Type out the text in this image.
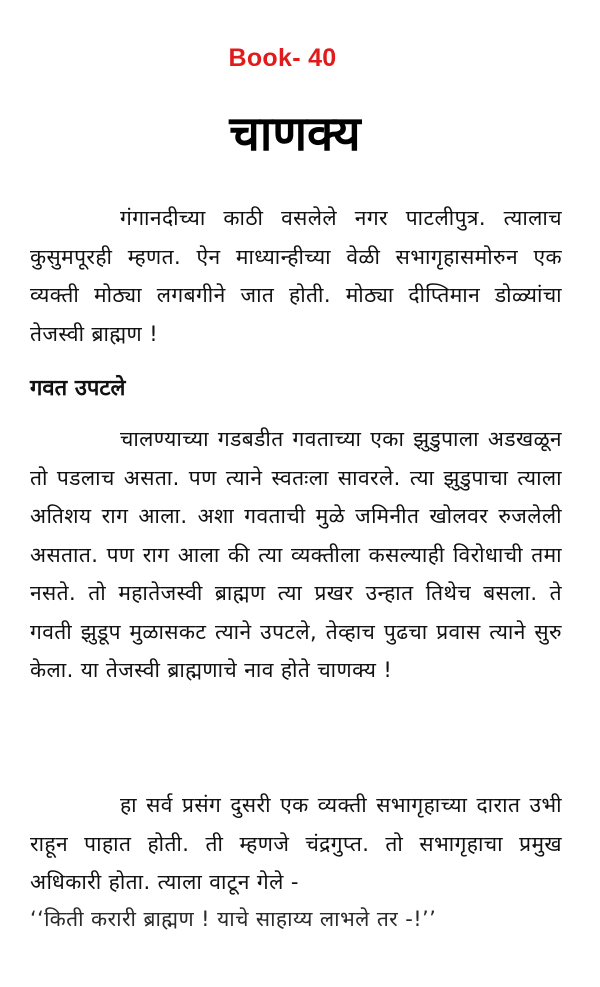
Book- 40
चाणक्य

गंगानदीच्या काठी वसलेले नगर पाटलीपुत्र. त्यालाच कुसुमपूरही म्हणत. ऐन माध्यान्हीच्या वेळी सभागृहासमोरुन एक व्यक्ती मोठ्या लगबगीने जात होती. मोठ्या दीप्तिमान डोळ्यांचा तेजस्वी ब्राह्मण !

गवत उपटले

चालण्याच्या गडबडीत गवताच्या एका झुडुपाला अडखळून तो पडलाच असता. पण त्याने स्वतःला सावरले. त्या झुडुपाचा त्याला अतिशय राग आला. अशा गवताची मुळे जमिनीत खोलवर रुजलेली असतात. पण राग आला की त्या व्यक्तीला कसल्याही विरोधाची तमा नसते. तो महातेजस्वी ब्राह्मण त्या प्रखर उन्हात तिथेच बसला. ते गवती झुडूप मुळासकट त्याने उपटले, तेव्हाच पुढचा प्रवास त्याने सुरु केला. या तेजस्वी ब्राह्मणाचे नाव होते चाणक्य !

हा सर्व प्रसंग दुसरी एक व्यक्ती सभागृहाच्या दारात उभी राहून पाहात होती. ती म्हणजे चंद्रगुप्त. तो सभागृहाचा प्रमुख अधिकारी होता. त्याला वाटून गेले -

‘‘किती करारी ब्राह्मण ! याचे साहाय्य लाभले तर -!’’
